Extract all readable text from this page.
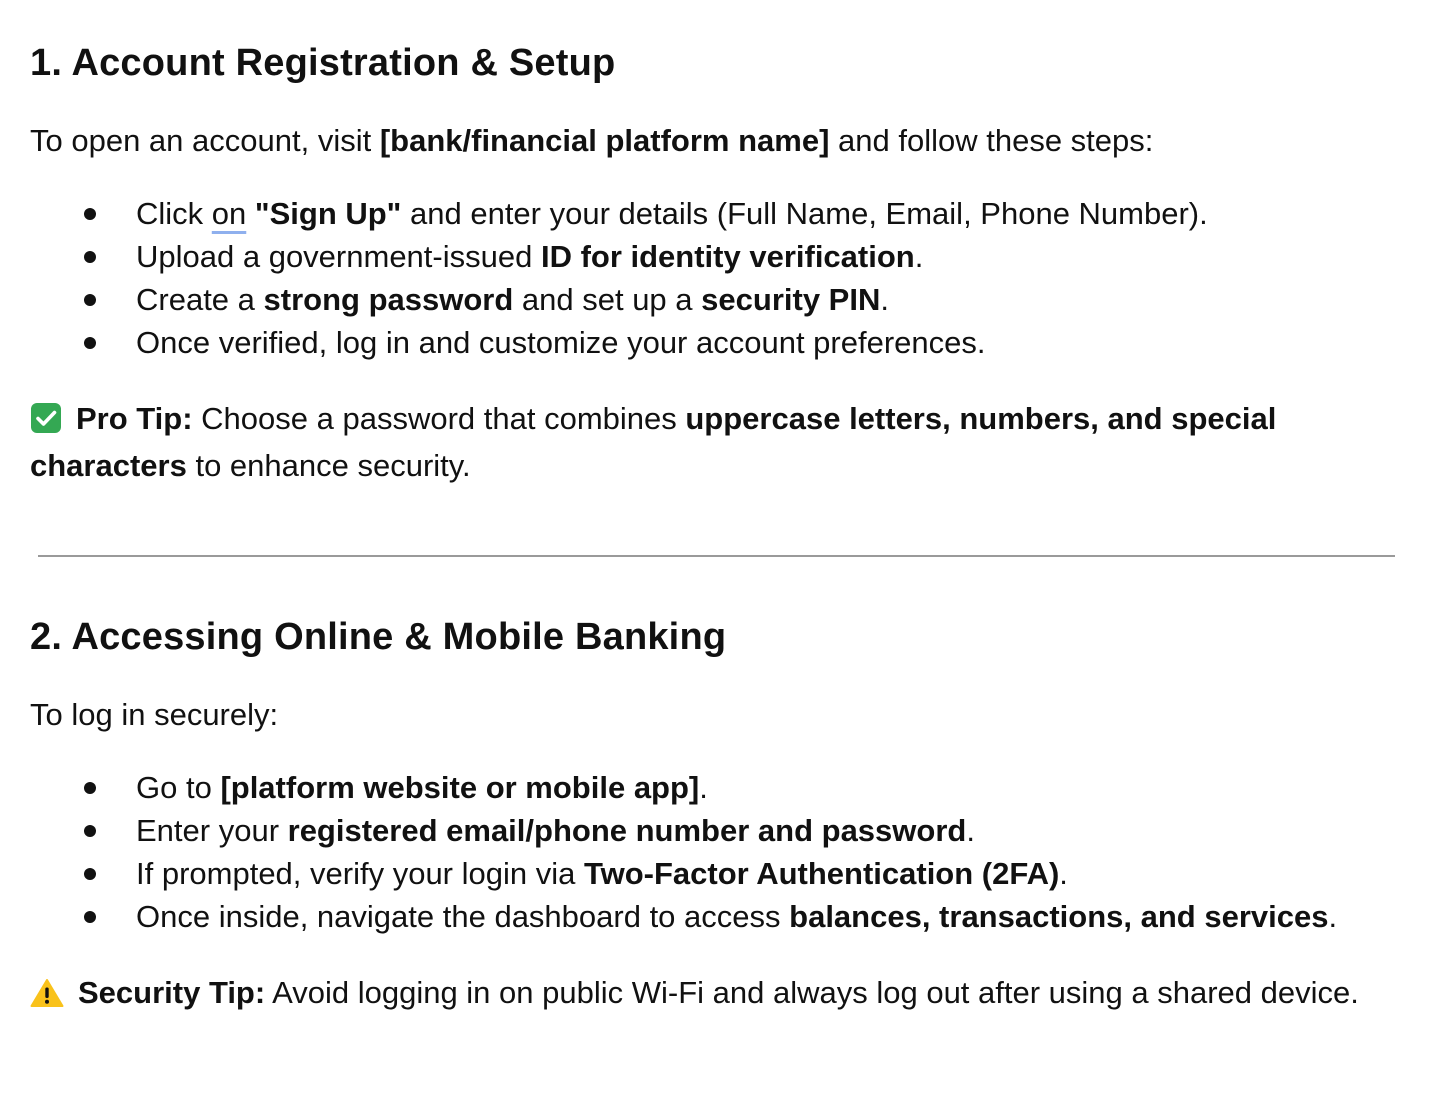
1. Account Registration & Setup

To open an account, visit [bank/financial platform name] and follow these steps:

Click on "Sign Up" and enter your details (Full Name, Email, Phone Number).
Upload a government-issued ID for identity verification.
Create a strong password and set up a security PIN.
Once verified, log in and customize your account preferences.

Pro Tip: Choose a password that combines uppercase letters, numbers, and special characters to enhance security.

2. Accessing Online & Mobile Banking

To log in securely:

Go to [platform website or mobile app].
Enter your registered email/phone number and password.
If prompted, verify your login via Two-Factor Authentication (2FA).
Once inside, navigate the dashboard to access balances, transactions, and services.

Security Tip: Avoid logging in on public Wi-Fi and always log out after using a shared device.
